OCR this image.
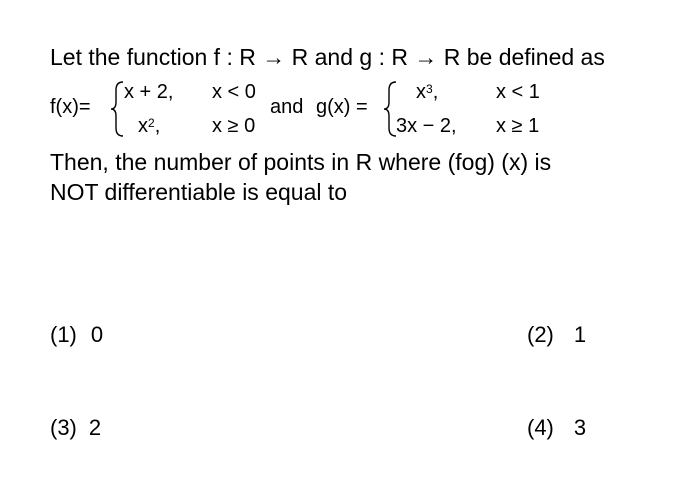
Let the function f : R → R and g : R → R be defined as
f(x)=
x + 2, x < 0
$x^2$,	x ≥ 0
and g(x) =
$x^3$,	x < 1
3x − 2, x ≥ 1
Then, the number of points in R where (fog) (x) is
NOT differentiable is equal to
(1) 0	(2) 1
(3) 2	(4) 3
